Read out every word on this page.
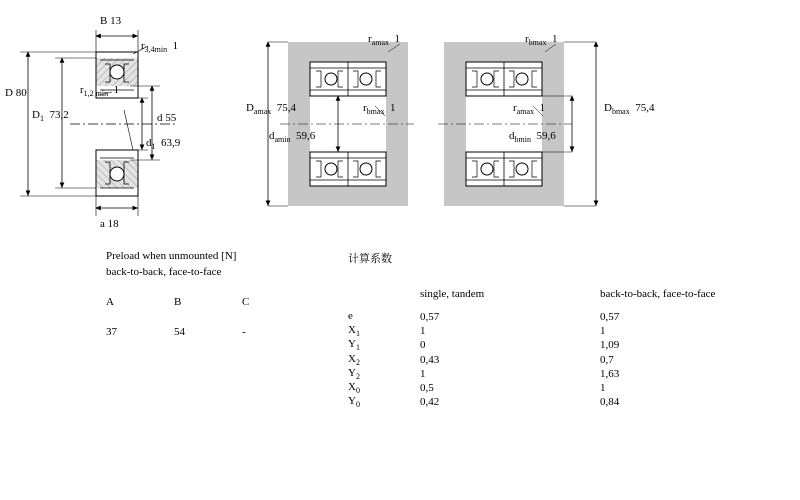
B 13
$r_{3,4min}$ 1
D 80	$r_{1,2 min}$ 1
$D_1$ 73,2	d 55
$d_1$ 63,9
a 18
$r_{amax}$ 1	$r_{bmax}$ 1
$D_{amax}$ 75,4	$r_{bmax}$ 1	$r_{amax}$ 1	$D_{bmax}$ 75,4
$d_{amin}$ 59,6	$d_{bmin}$ 59,6
Preload when unmounted [N]
back-to-back, face-to-face
A	B	C

37	54	-
计算系数
	single, tandem	back-to-back, face-to-face

e	0,57	0,57
$X_1$	1	1
$Y_1$	0	1,09
$X_2$	0,43	0,7
$Y_2$	1	1,63
$X_0$	0,5	1
$Y_0$	0,42	0,84
